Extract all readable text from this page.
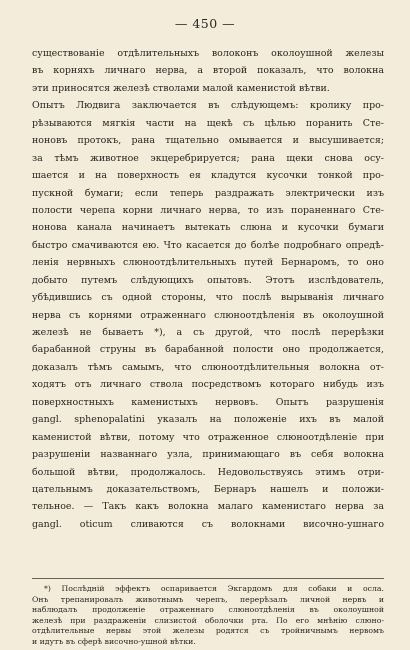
— 450 —
существованіе отдѣлительныхъ волоконъ околоушной железы
въ корняхъ личнаго нерва, а второй показалъ, что волокна
эти приносятся железѣ стволами малой каменистой вѣтви.
Опытъ Людвига заключается въ слѣдующемъ: кролику про-
рѣзываются мягкія части на щекѣ съ цѣлью поранить Сте-
ноновъ протокъ, рана тщательно омывается и высушивается;
за тѣмъ животное экцеребрируется; рана щеки снова осу-
шается и на поверхность ея кладутся кусочки тонкой про-
пускной бумаги; если теперь раздражать электрически изъ
полости черепа корни личнаго нерва, то изъ пораненнаго Сте-
ноновa канала начинаетъ вытекать слюна и кусочки бумаги
быстро смачиваются ею. Что касается до болѣе подробнаго опредѣ-
ленія нервныхъ слюноотдѣлительныхъ путей Бернаромъ, то оно
добыто путемъ слѣдующихъ опытовъ. Этотъ изслѣдователь,
убѣдившись съ одной стороны, что послѣ вырыванія личнаго
нерва съ корнями отраженнаго слюноотдѣленія въ околоушной
железѣ не бываетъ *), а съ другой, что послѣ перерѣзки
барабанной струны въ барабанной полости оно продолжается,
доказалъ тѣмъ самымъ, что слюноотдѣлительныя волокна от-
ходятъ отъ личнаго ствола посредствомъ котораго нибудь изъ
поверхностныхъ каменистыхъ нервовъ. Опытъ разрушенія
gangl. sphenopalatini указалъ на положеніе ихъ въ малой
каменистой вѣтви, потому что отраженное слюноотдѣленіе при
разрушеніи названнаго узла, принимающаго въ себя волокна
большой вѣтви, продолжалось. Недовольствуясь этимъ отри-
цательнымъ доказательствомъ, Бернаръ нашелъ и положи-
тельное. — Такъ какъ волокна малаго каменистаго нерва за
gangl. oticum сливаются съ волокнами височно-ушнаго
*) Послѣдній эффектъ оспаривается Экгардомъ для собаки и осла.
Онъ трепанировалъ животнымъ черепъ, перерѣзалъ личной нервъ и
наблюдалъ продолженіе отраженнаго слюноотдѣленія въ околоушной
железѣ при раздраженіи слизистой оболочки рта. По его мнѣнію слюно-
отдѣлительные нервы этой железы родятся съ тройничнымъ нервомъ
и идутъ въ сферѣ височно-ушной вѣтки.
